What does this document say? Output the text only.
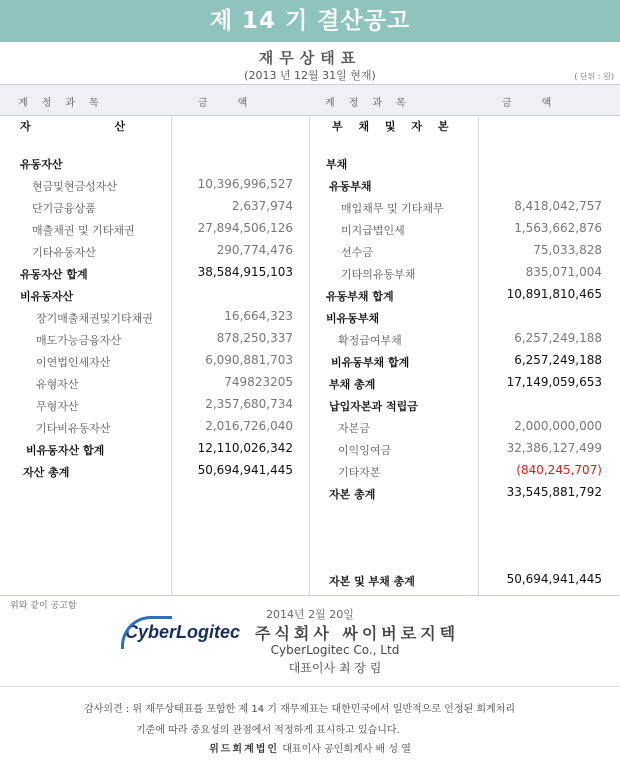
제 14 기 결산공고
재무상태표
(2013 년 12월 31일 현재)	( 단위 : 원)
계정과목	금액	계정과목	금액
자 산	부 채 및 자 본
유동자산
현금및현금성자산	10,396,996,527
단기금융상품	2,637,974
매출채권 및 기타채권	27,894,506,126
기타유동자산	290,774,476
유동자산 합계	38,584,915,103
비유동자산
장기매출채권및기타채권	16,664,323
매도가능금융자산	878,250,337
이연법인세자산	6,090,881,703
유형자산	749823205
무형자산	2,357,680,734
기타비유동자산	2,016,726,040
비유동자산 합계	12,110,026,342
자산 총계	50,694,941,445
부채
유동부채
매입채무 및 기타채무	8,418,042,757
미지급법인세	1,563,662,876
선수금	75,033,828
기타의유동부채	835,071,004
유동부채 합계	10,891,810,465
비유동부채
확정급여부채	6,257,249,188
비유동부채 합계	6,257,249,188
부채 총계	17,149,059,653
납입자본과 적립금
자본금	2,000,000,000
이익잉여금	32,386,127,499
기타자본	(840,245,707)
자본 총계	33,545,881,792
자본 및 부채 총계	50,694,941,445
위와 같이 공고함
2014년 2월 20일
CyberLogitec 주식회사 싸이버로지텍
CyberLogitec Co., Ltd
대표이사 최 장 림
감사의견 : 위 재무상태표를 포함한 제 14 기 재무제표는 대한민국에서 일반적으로 인정된 회계처리
기준에 따라 중요성의 관점에서 적정하게 표시하고 있습니다.
위드회계법인 대표이사 공인회계사 배 성 열
